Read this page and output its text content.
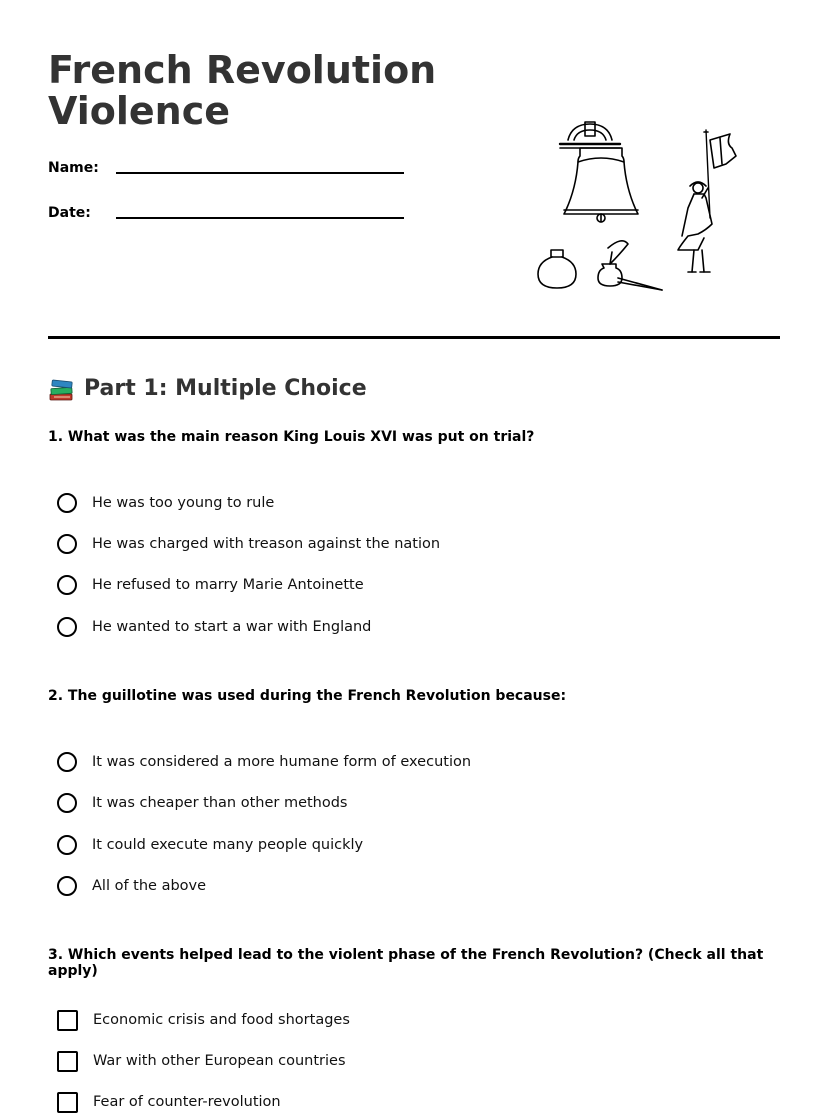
French Revolution Violence
Name:
Date:
Part 1: Multiple Choice
1. What was the main reason King Louis XVI was put on trial?
He was too young to rule
He was charged with treason against the nation
He refused to marry Marie Antoinette
He wanted to start a war with England
2. The guillotine was used during the French Revolution because:
It was considered a more humane form of execution
It was cheaper than other methods
It could execute many people quickly
All of the above
3. Which events helped lead to the violent phase of the French Revolution? (Check all that apply)
Economic crisis and food shortages
War with other European countries
Fear of counter-revolution
